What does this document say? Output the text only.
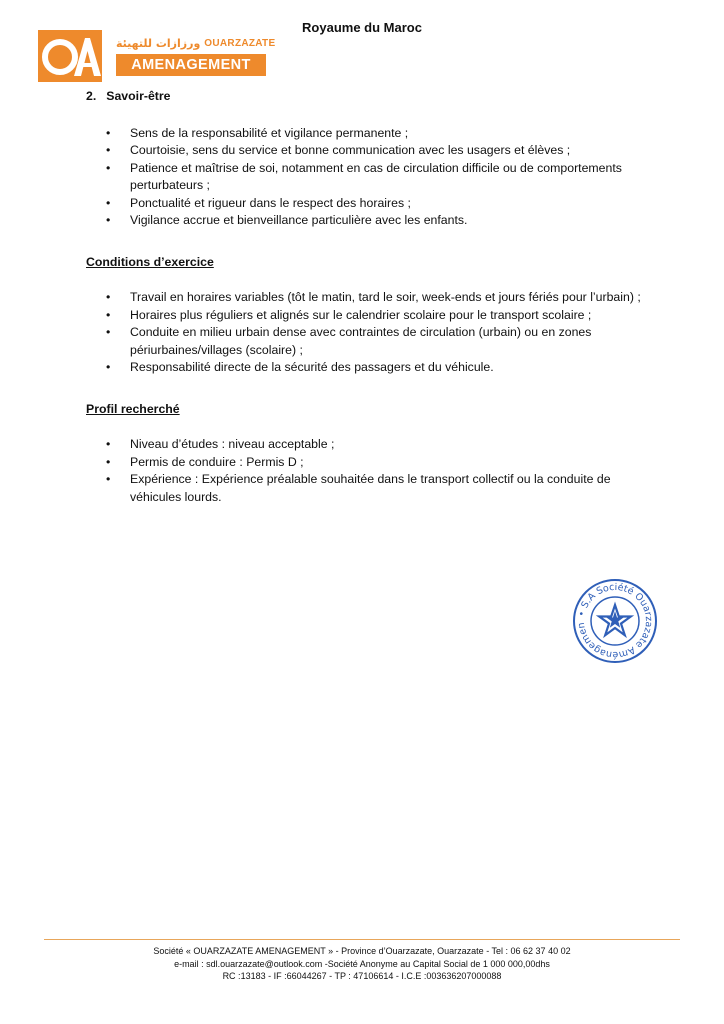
Royaume du Maroc
ورزازات للتهيئة OUARZAZATE
AMENAGEMENT
2. Savoir-être
• Sens de la responsabilité et vigilance permanente ;
• Courtoisie, sens du service et bonne communication avec les usagers et élèves ;
• Patience et maîtrise de soi, notamment en cas de circulation difficile ou de comportements perturbateurs ;
• Ponctualité et rigueur dans le respect des horaires ;
• Vigilance accrue et bienveillance particulière avec les enfants.
Conditions d’exercice
• Travail en horaires variables (tôt le matin, tard le soir, week-ends et jours fériés pour l’urbain) ;
• Horaires plus réguliers et alignés sur le calendrier scolaire pour le transport scolaire ;
• Conduite en milieu urbain dense avec contraintes de circulation (urbain) ou en zones périurbaines/villages (scolaire) ;
• Responsabilité directe de la sécurité des passagers et du véhicule.
Profil recherché
• Niveau d’études : niveau acceptable ;
• Permis de conduire : Permis D ;
• Expérience : Expérience préalable souhaitée dans le transport collectif ou la conduite de véhicules lourds.
• S.A Société Ouarzazate Aménagemen
Société « OUARZAZATE AMENAGEMENT » - Province d’Ouarzazate, Ouarzazate - Tel : 06 62 37 40 02
e-mail : sdl.ouarzazate@outlook.com -Société Anonyme au Capital Social de 1 000 000,00dhs
RC :13183 - IF :66044267 - TP : 47106614 - I.C.E :003636207000088
